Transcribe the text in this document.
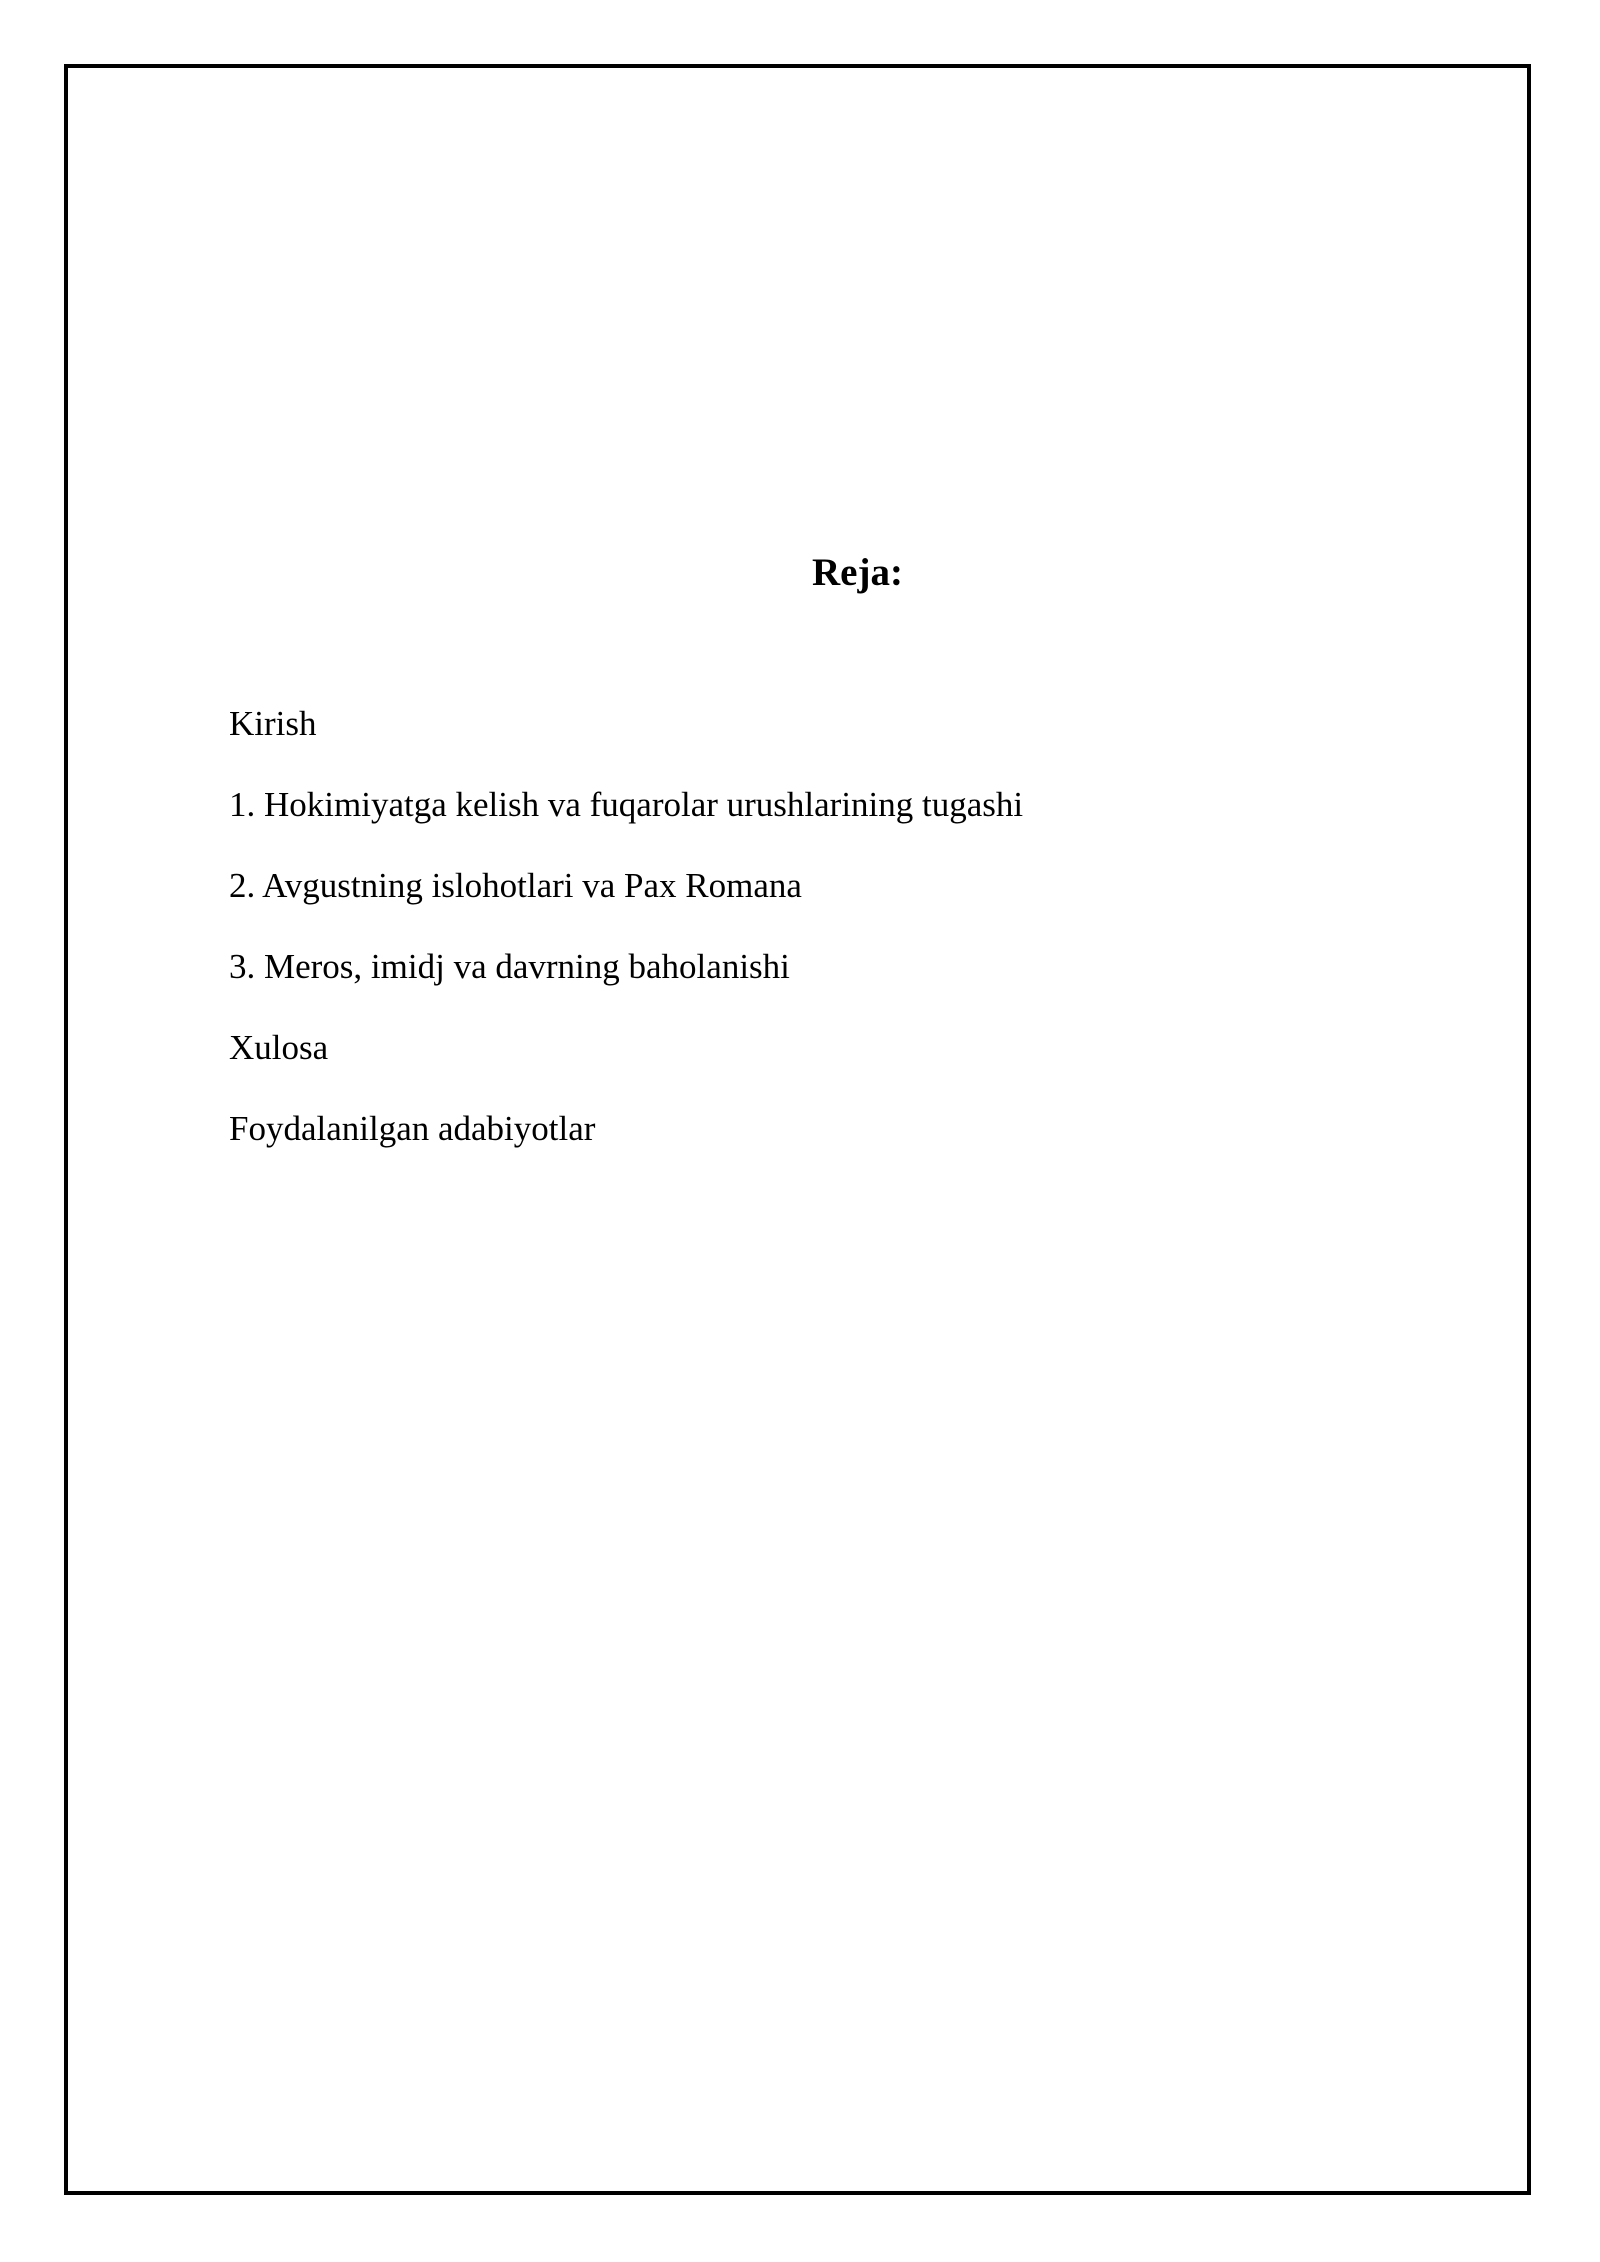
Reja:
Kirish
1. Hokimiyatga kelish va fuqarolar urushlarining tugashi
2. Avgustning islohotlari va Pax Romana
3. Meros, imidj va davrning baholanishi
Xulosa
Foydalanilgan adabiyotlar
